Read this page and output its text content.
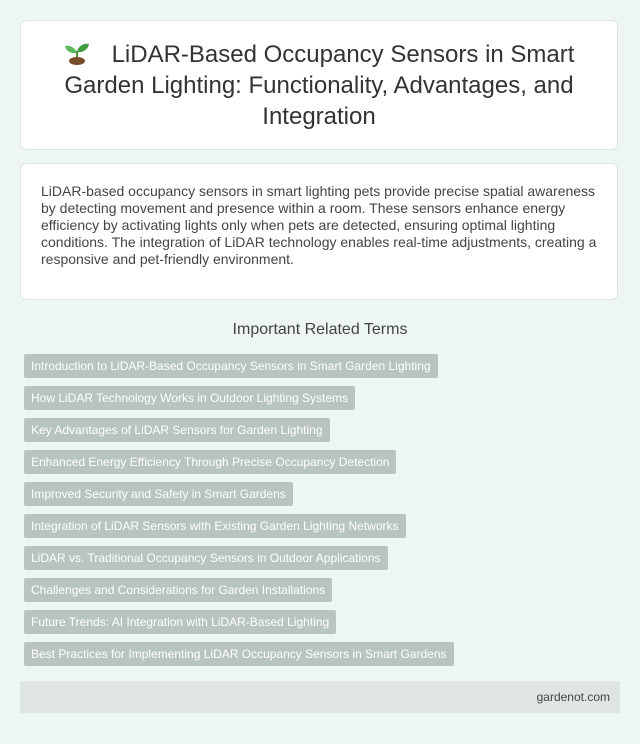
LiDAR-Based Occupancy Sensors in Smart Garden Lighting: Functionality, Advantages, and Integration

LiDAR-based occupancy sensors in smart lighting pets provide precise spatial awareness by detecting movement and presence within a room. These sensors enhance energy efficiency by activating lights only when pets are detected, ensuring optimal lighting conditions. The integration of LiDAR technology enables real-time adjustments, creating a responsive and pet-friendly environment.

Important Related Terms
Introduction to LiDAR-Based Occupancy Sensors in Smart Garden Lighting
How LiDAR Technology Works in Outdoor Lighting Systems
Key Advantages of LiDAR Sensors for Garden Lighting
Enhanced Energy Efficiency Through Precise Occupancy Detection
Improved Security and Safety in Smart Gardens
Integration of LiDAR Sensors with Existing Garden Lighting Networks
LiDAR vs. Traditional Occupancy Sensors in Outdoor Applications
Challenges and Considerations for Garden Installations
Future Trends: AI Integration with LiDAR-Based Lighting
Best Practices for Implementing LiDAR Occupancy Sensors in Smart Gardens
gardenot.com
